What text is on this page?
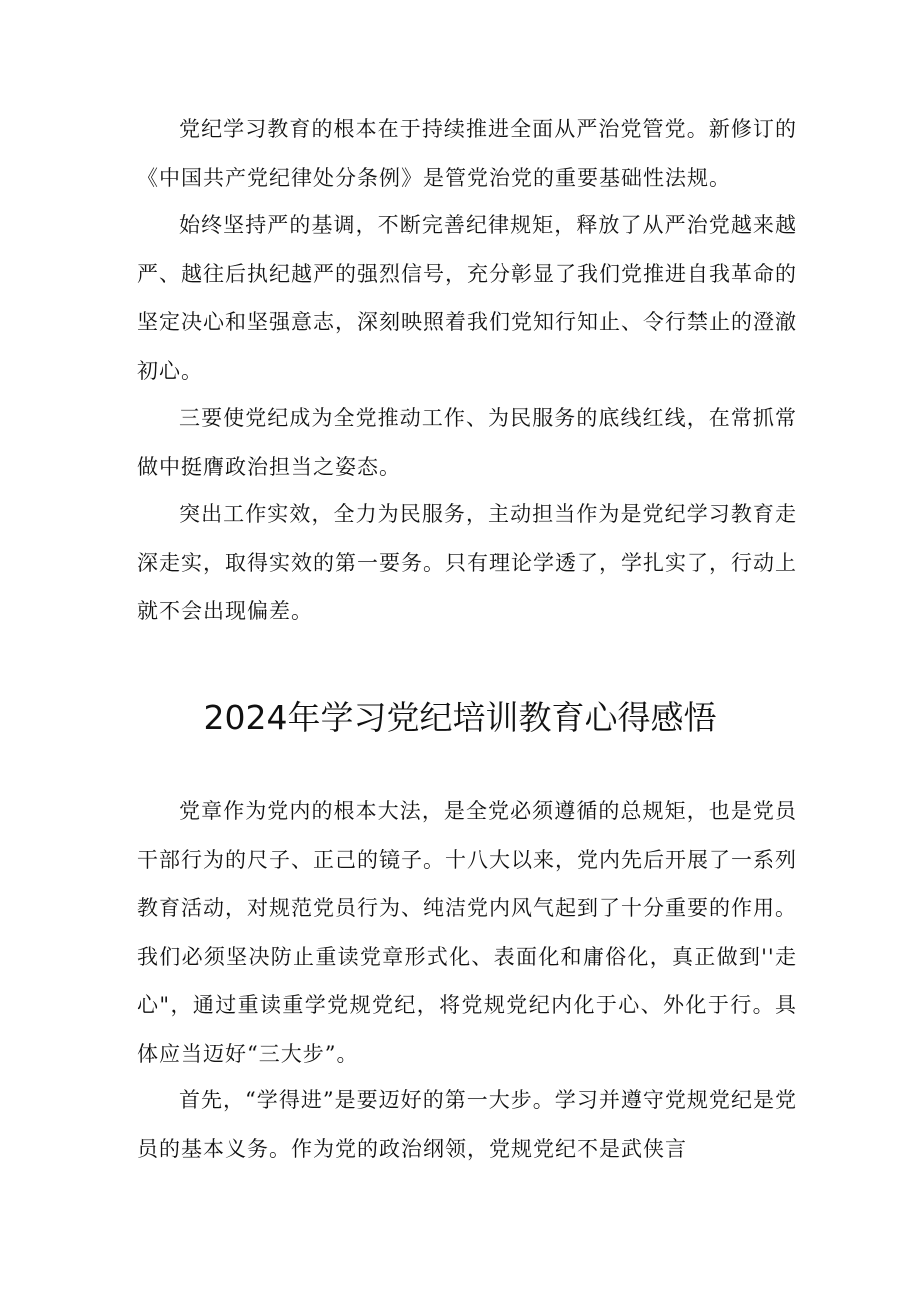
党纪学习教育的根本在于持续推进全面从严治党管党。新修订的《中国共产党纪律处分条例》是管党治党的重要基础性法规。

始终坚持严的基调，不断完善纪律规矩，释放了从严治党越来越严、越往后执纪越严的强烈信号，充分彰显了我们党推进自我革命的坚定决心和坚强意志，深刻映照着我们党知行知止、令行禁止的澄澈初心。

三要使党纪成为全党推动工作、为民服务的底线红线，在常抓常做中挺膺政治担当之姿态。

突出工作实效，全力为民服务，主动担当作为是党纪学习教育走深走实，取得实效的第一要务。只有理论学透了，学扎实了，行动上就不会出现偏差。

2024年学习党纪培训教育心得感悟

党章作为党内的根本大法，是全党必须遵循的总规矩，也是党员干部行为的尺子、正己的镜子。十八大以来，党内先后开展了一系列教育活动，对规范党员行为、纯洁党内风气起到了十分重要的作用。我们必须坚决防止重读党章形式化、表面化和庸俗化，真正做到''走心"，通过重读重学党规党纪，将党规党纪内化于心、外化于行。具体应当迈好“三大步”。

首先，“学得进”是要迈好的第一大步。学习并遵守党规党纪是党员的基本义务。作为党的政治纲领，党规党纪不是武侠言
